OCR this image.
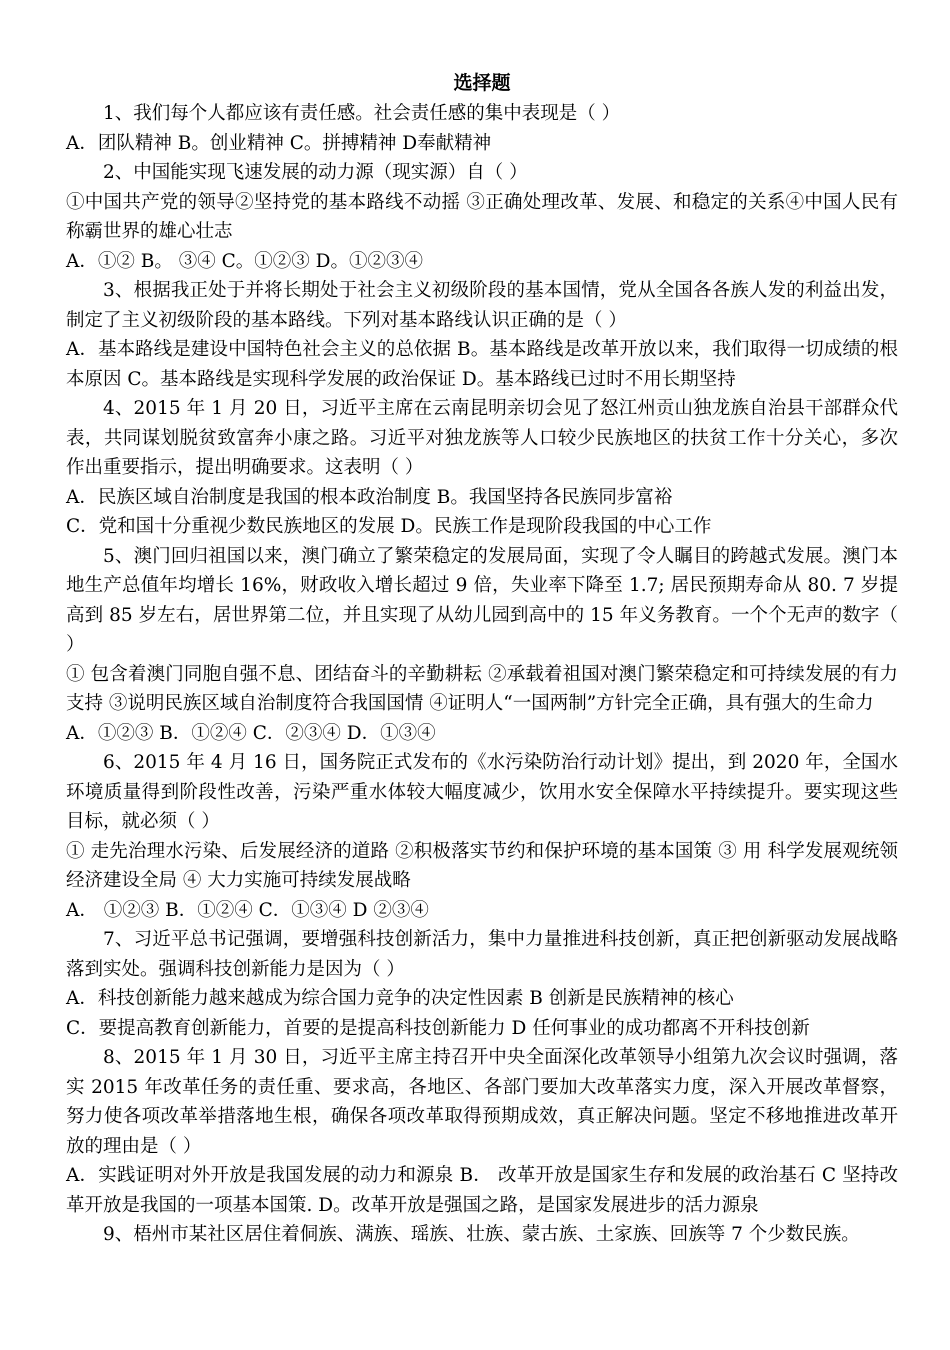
选择题

1、我们每个人都应该有责任感。社会责任感的集中表现是（ ）

A．团队精神 B。创业精神 C。拼搏精神 D奉献精神

2、中国能实现飞速发展的动力源（现实源）自（ ）

①中国共产党的领导②坚持党的基本路线不动摇 ③正确处理改革、发展、和稳定的关系④中国人民有称霸世界的雄心壮志

A．①② B。 ③④ C。①②③ D。①②③④

3、根据我正处于并将长期处于社会主义初级阶段的基本国情，党从全国各各族人发的利益出发，制定了主义初级阶段的基本路线。下列对基本路线认识正确的是（ ）

A．基本路线是建设中国特色社会主义的总依据 B。基本路线是改革开放以来，我们取得一切成绩的根本原因 C。基本路线是实现科学发展的政治保证 D。基本路线已过时不用长期坚持

4、2015 年 1 月 20 日，习近平主席在云南昆明亲切会见了怒江州贡山独龙族自治县干部群众代表，共同谋划脱贫致富奔小康之路。习近平对独龙族等人口较少民族地区的扶贫工作十分关心，多次作出重要指示，提出明确要求。这表明（ ）

A．民族区域自治制度是我国的根本政治制度 B。我国坚持各民族同步富裕

C．党和国十分重视少数民族地区的发展 D。民族工作是现阶段我国的中心工作

5、澳门回归祖国以来，澳门确立了繁荣稳定的发展局面，实现了令人瞩目的跨越式发展。澳门本地生产总值年均增长 16%，财政收入增长超过 9 倍，失业率下降至 1.7; 居民预期寿命从 80. 7 岁提高到 85 岁左右，居世界第二位，并且实现了从幼儿园到高中的 15 年义务教育。一个个无声的数字（ ）

① 包含着澳门同胞自强不息、团结奋斗的辛勤耕耘 ②承载着祖国对澳门繁荣稳定和可持续发展的有力支持 ③说明民族区域自治制度符合我国国情 ④证明人“一国两制”方针完全正确，具有强大的生命力

A．①②③ B．①②④ C．②③④ D．①③④

6、2015 年 4 月 16 日，国务院正式发布的《水污染防治行动计划》提出，到 2020 年，全国水环境质量得到阶段性改善，污染严重水体较大幅度减少，饮用水安全保障水平持续提升。要实现这些目标，就必须（ ）

① 走先治理水污染、后发展经济的道路 ②积极落实节约和保护环境的基本国策 ③ 用 科学发展观统领经济建设全局 ④ 大力实施可持续发展战略

A． ①②③ B．①②④ C．①③④ D ②③④

7、习近平总书记强调，要增强科技创新活力，集中力量推进科技创新，真正把创新驱动发展战略落到实处。强调科技创新能力是因为（ ）

A．科技创新能力越来越成为综合国力竞争的决定性因素 B 创新是民族精神的核心

C．要提高教育创新能力，首要的是提高科技创新能力 D 任何事业的成功都离不开科技创新

8、2015 年 1 月 30 日，习近平主席主持召开中央全面深化改革领导小组第九次会议时强调，落实 2015 年改革任务的责任重、要求高，各地区、各部门要加大改革落实力度，深入开展改革督察，努力使各项改革举措落地生根，确保各项改革取得预期成效，真正解决问题。坚定不移地推进改革开放的理由是（ ）

A．实践证明对外开放是我国发展的动力和源泉 B． 改革开放是国家生存和发展的政治基石 C 坚持改革开放是我国的一项基本国策. D。改革开放是强国之路，是国家发展进步的活力源泉

9、梧州市某社区居住着侗族、满族、瑶族、壮族、蒙古族、土家族、回族等 7 个少数民族。
